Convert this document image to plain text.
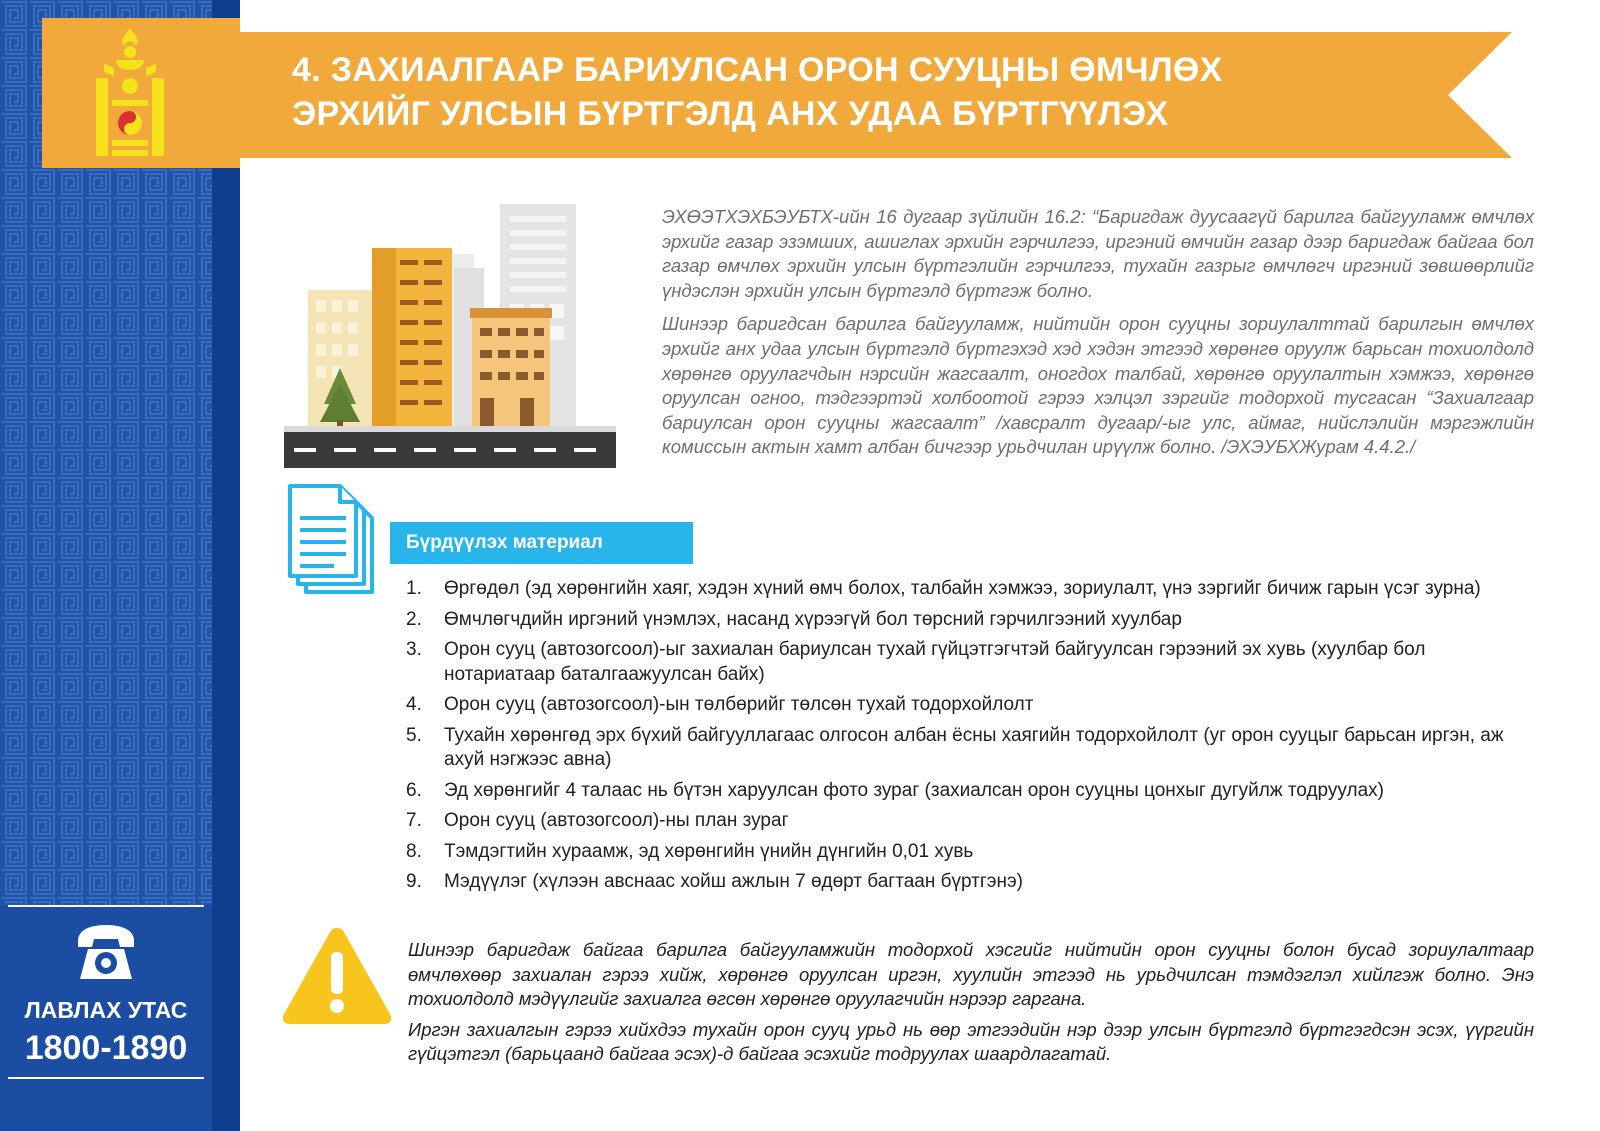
ЛАВЛАХ УТАС
1800-1890
4. ЗАХИАЛГААР БАРИУЛСАН ОРОН СУУЦНЫ ӨМЧЛӨХ
ЭРХИЙГ УЛСЫН БҮРТГЭЛД АНХ УДАА БҮРТГҮҮЛЭХ

ЭХӨЭТХЭХБЭУБТХ-ийн 16 дугаар зүйлийн 16.2: “Баригдаж дуусаагүй барилга байгууламж өмчлөх эрхийг газар эзэмших, ашиглах эрхийн гэрчилгээ, иргэний өмчийн газар дээр баригдаж байгаа бол газар өмчлөх эрхийн улсын бүртгэлийн гэрчилгээ, тухайн газрыг өмчлөгч иргэний зөвшөөрлийг үндэслэн эрхийн улсын бүртгэлд бүртгэж болно.

Шинээр баригдсан барилга байгууламж, нийтийн орон сууцны зориулалттай барилгын өмчлөх эрхийг анх удаа улсын бүртгэлд бүртгэхэд хэд хэдэн этгээд хөрөнгө оруулж барьсан тохиолдолд хөрөнгө оруулагчдын нэрсийн жагсаалт, оногдох талбай, хөрөнгө оруулалтын хэмжээ, хөрөнгө оруулсан огноо, тэдгээртэй холбоотой гэрээ хэлцэл зэргийг тодорхой тусгасан “Захиалгаар бариулсан орон сууцны жагсаалт” /хавсралт дугаар/-ыг улс, аймаг, нийслэлийн мэргэжлийн комиссын актын хамт албан бичгээр урьдчилан ирүүлж болно. /ЭХЭУБХЖурам 4.4.2./

Бүрдүүлэх материал
1. Өргөдөл (эд хөрөнгийн хаяг, хэдэн хүний өмч болох, талбайн хэмжээ, зориулалт, үнэ зэргийг бичиж гарын үсэг зурна)
2. Өмчлөгчдийн иргэний үнэмлэх, насанд хүрээгүй бол төрсний гэрчилгээний хуулбар
3. Орон сууц (автозогсоол)-ыг захиалан бариулсан тухай гүйцэтгэгчтэй байгуулсан гэрээний эх хувь (хуулбар бол нотариатаар баталгаажуулсан байх)
4. Орон сууц (автозогсоол)-ын төлбөрийг төлсөн тухай тодорхойлолт
5. Тухайн хөрөнгөд эрх бүхий байгууллагаас олгосон албан ёсны хаягийн тодорхойлолт (уг орон сууцыг барьсан иргэн, аж ахуй нэгжээс авна)
6. Эд хөрөнгийг 4 талаас нь бүтэн харуулсан фото зураг (захиалсан орон сууцны цонхыг дугуйлж тодруулах)
7. Орон сууц (автозогсоол)-ны план зураг
8. Тэмдэгтийн хураамж, эд хөрөнгийн үнийн дүнгийн 0,01 хувь
9. Мэдүүлэг (хүлээн авснаас хойш ажлын 7 өдөрт багтаан бүртгэнэ)

Шинээр баригдаж байгаа барилга байгууламжийн тодорхой хэсгийг нийтийн орон сууцны болон бусад зориулалтаар өмчлөхөөр захиалан гэрээ хийж, хөрөнгө оруулсан иргэн, хуулийн этгээд нь урьдчилсан тэмдэглэл хийлгэж болно. Энэ тохиолдолд мэдүүлгийг захиалга өгсөн хөрөнгө оруулагчийн нэрээр гаргана.

Иргэн захиалгын гэрээ хийхдээ тухайн орон сууц урьд нь өөр этгээдийн нэр дээр улсын бүртгэлд бүртгэгдсэн эсэх, үүргийн гүйцэтгэл (барьцаанд байгаа эсэх)-д байгаа эсэхийг тодруулах шаардлагатай.
